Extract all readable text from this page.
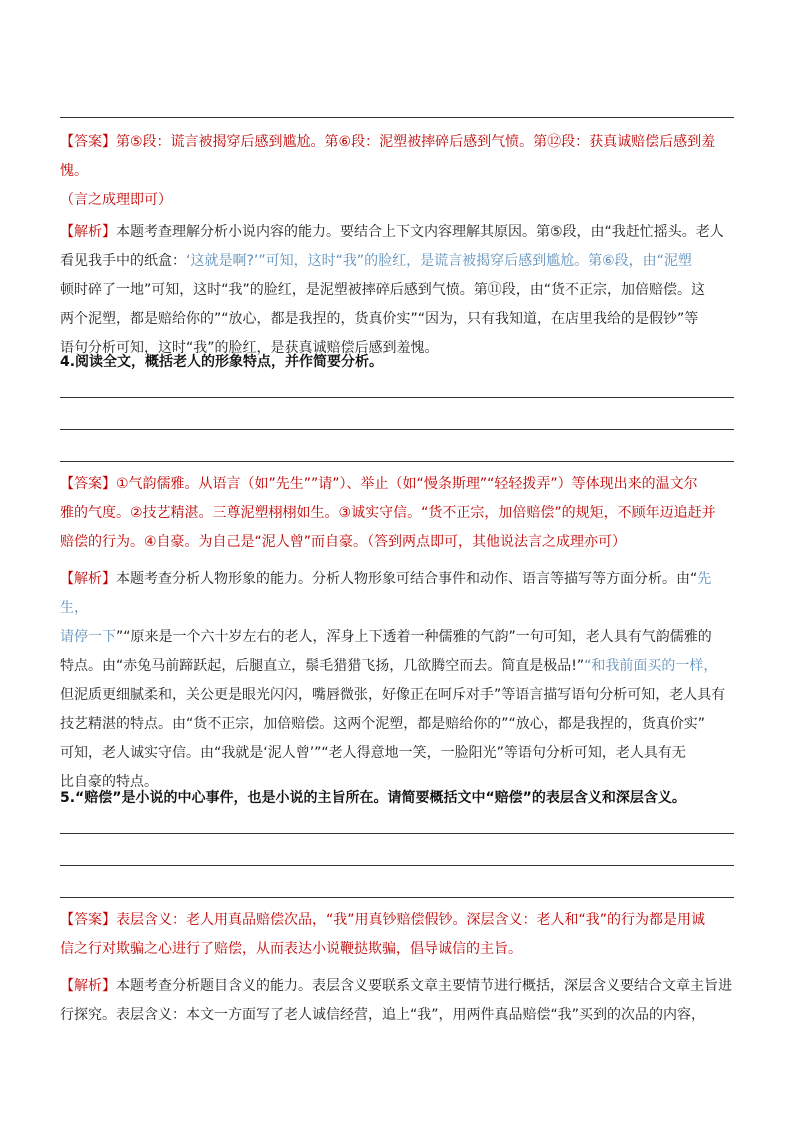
【答案】第⑤段：谎言被揭穿后感到尴尬。第⑥段：泥塑被摔碎后感到气愤。第⑫段：获真诚赔偿后感到羞愧。
（言之成理即可）
【解析】本题考查理解分析小说内容的能力。要结合上下文内容理解其原因。第⑤段，由“我赶忙摇头。老人
看见我手中的纸盒：‘这就是啊?’”可知，这时“我”的脸红，是谎言被揭穿后感到尴尬。第⑥段，由“泥塑
顿时碎了一地”可知，这时“我”的脸红，是泥塑被摔碎后感到气愤。第⑪段，由“货不正宗，加倍赔偿。这
两个泥塑，都是赔给你的”“放心，都是我捏的，货真价实”“因为，只有我知道，在店里我给的是假钞”等
语句分析可知，这时“我”的脸红，是获真诚赔偿后感到羞愧。
4.阅读全文，概括老人的形象特点，并作简要分析。
【答案】①气韵儒雅。从语言（如”先生””请”）、举止（如“慢条斯理”“轻轻拨弄”）等体现出来的温文尔
雅的气度。②技艺精湛。三尊泥塑栩栩如生。③诚实守信。“货不正宗，加倍赔偿”的规矩，不顾年迈追赶并
赔偿的行为。④自豪。为自己是“泥人曾”而自豪。（答到两点即可，其他说法言之成理亦可）
【解析】本题考查分析人物形象的能力。分析人物形象可结合事件和动作、语言等描写等方面分析。由“先生，
请停一下”“原来是一个六十岁左右的老人，浑身上下透着一种儒雅的气韵”一句可知，老人具有气韵儒雅的
特点。由“赤兔马前蹄跃起，后腿直立，鬃毛猎猎飞扬，几欲腾空而去。简直是极品!”“和我前面买的一样，
但泥质更细腻柔和，关公更是眼光闪闪，嘴唇微张，好像正在呵斥对手”等语言描写语句分析可知，老人具有
技艺精湛的特点。由“货不正宗，加倍赔偿。这两个泥塑，都是赔给你的”“放心，都是我捏的，货真价实”
可知，老人诚实守信。由“我就是‘泥人曾’”“老人得意地一笑，一脸阳光”等语句分析可知，老人具有无
比自豪的特点。
5.“赔偿”是小说的中心事件，也是小说的主旨所在。请简要概括文中“赔偿”的表层含义和深层含义。
【答案】表层含义：老人用真品赔偿次品，“我”用真钞赔偿假钞。深层含义：老人和“我”的行为都是用诚
信之行对欺骗之心进行了赔偿，从而表达小说鞭挞欺骗，倡导诚信的主旨。
【解析】本题考查分析题目含义的能力。表层含义要联系文章主要情节进行概括，深层含义要结合文章主旨进
行探究。表层含义：本文一方面写了老人诚信经营，追上“我”，用两件真品赔偿“我”买到的次品的内容，
